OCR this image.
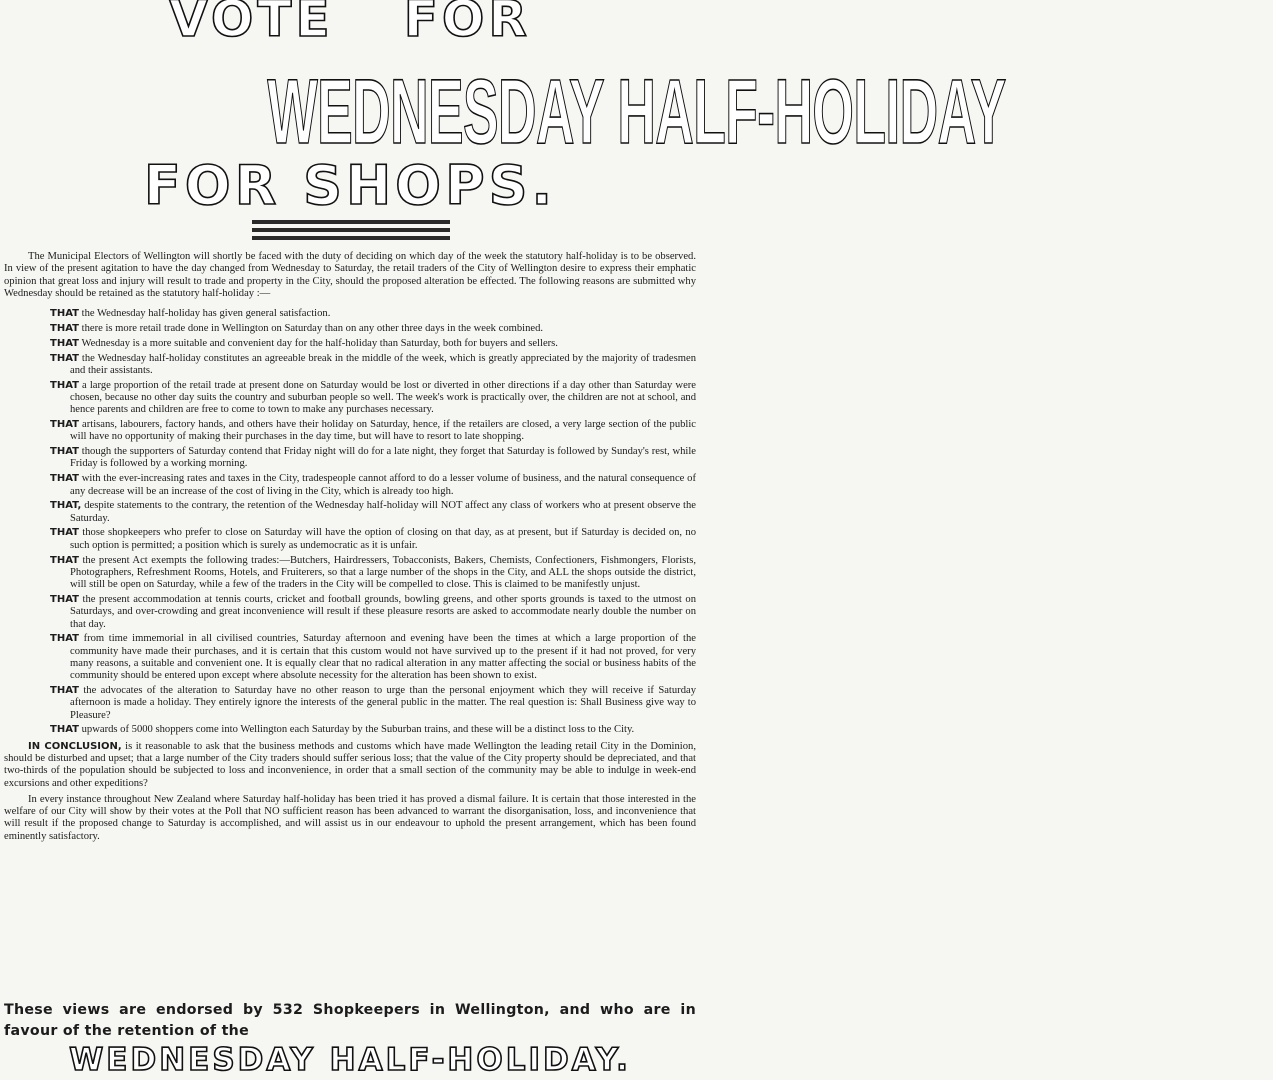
VOTE FOR
WEDNESDAY HALF-HOLIDAY
FOR SHOPS.

The Municipal Electors of Wellington will shortly be faced with the duty of deciding on which day of the week the statutory half-holiday is to be observed. In view of the present agitation to have the day changed from Wednesday to Saturday, the retail traders of the City of Wellington desire to express their emphatic opinion that great loss and injury will result to trade and property in the City, should the proposed alteration be effected. The following reasons are submitted why Wednesday should be retained as the statutory half-holiday :—

THAT the Wednesday half-holiday has given general satisfaction.
THAT there is more retail trade done in Wellington on Saturday than on any other three days in the week combined.
THAT Wednesday is a more suitable and convenient day for the half-holiday than Saturday, both for buyers and sellers.
THAT the Wednesday half-holiday constitutes an agreeable break in the middle of the week, which is greatly appreciated by the majority of tradesmen and their assistants.
THAT a large proportion of the retail trade at present done on Saturday would be lost or diverted in other directions if a day other than Saturday were chosen, because no other day suits the country and suburban people so well. The week's work is practically over, the children are not at school, and hence parents and children are free to come to town to make any purchases necessary.
THAT artisans, labourers, factory hands, and others have their holiday on Saturday, hence, if the retailers are closed, a very large section of the public will have no opportunity of making their purchases in the day time, but will have to resort to late shopping.
THAT though the supporters of Saturday contend that Friday night will do for a late night, they forget that Saturday is followed by Sunday's rest, while Friday is followed by a working morning.
THAT with the ever-increasing rates and taxes in the City, tradespeople cannot afford to do a lesser volume of business, and the natural consequence of any decrease will be an increase of the cost of living in the City, which is already too high.
THAT, despite statements to the contrary, the retention of the Wednesday half-holiday will NOT affect any class of workers who at present observe the Saturday.
THAT those shopkeepers who prefer to close on Saturday will have the option of closing on that day, as at present, but if Saturday is decided on, no such option is permitted; a position which is surely as undemocratic as it is unfair.
THAT the present Act exempts the following trades:—Butchers, Hairdressers, Tobacconists, Bakers, Chemists, Confectioners, Fishmongers, Florists, Photographers, Refreshment Rooms, Hotels, and Fruiterers, so that a large number of the shops in the City, and ALL the shops outside the district, will still be open on Saturday, while a few of the traders in the City will be compelled to close. This is claimed to be manifestly unjust.
THAT the present accommodation at tennis courts, cricket and football grounds, bowling greens, and other sports grounds is taxed to the utmost on Saturdays, and over-crowding and great inconvenience will result if these pleasure resorts are asked to accommodate nearly double the number on that day.
THAT from time immemorial in all civilised countries, Saturday afternoon and evening have been the times at which a large proportion of the community have made their purchases, and it is certain that this custom would not have survived up to the present if it had not proved, for very many reasons, a suitable and convenient one. It is equally clear that no radical alteration in any matter affecting the social or business habits of the community should be entered upon except where absolute necessity for the alteration has been shown to exist.
THAT the advocates of the alteration to Saturday have no other reason to urge than the personal enjoyment which they will receive if Saturday afternoon is made a holiday. They entirely ignore the interests of the general public in the matter. The real question is: Shall Business give way to Pleasure?
THAT upwards of 5000 shoppers come into Wellington each Saturday by the Suburban trains, and these will be a distinct loss to the City.

IN CONCLUSION, is it reasonable to ask that the business methods and customs which have made Wellington the leading retail City in the Dominion, should be disturbed and upset; that a large number of the City traders should suffer serious loss; that the value of the City property should be depreciated, and that two-thirds of the population should be subjected to loss and inconvenience, in order that a small section of the community may be able to indulge in week-end excursions and other expeditions?

In every instance throughout New Zealand where Saturday half-holiday has been tried it has proved a dismal failure. It is certain that those interested in the welfare of our City will show by their votes at the Poll that NO sufficient reason has been advanced to warrant the disorganisation, loss, and inconvenience that will result if the proposed change to Saturday is accomplished, and will assist us in our endeavour to uphold the present arrangement, which has been found eminently satisfactory.

These views are endorsed by 532 Shopkeepers in Wellington, and who are in
favour of the retention of the
WEDNESDAY HALF-HOLIDAY.
